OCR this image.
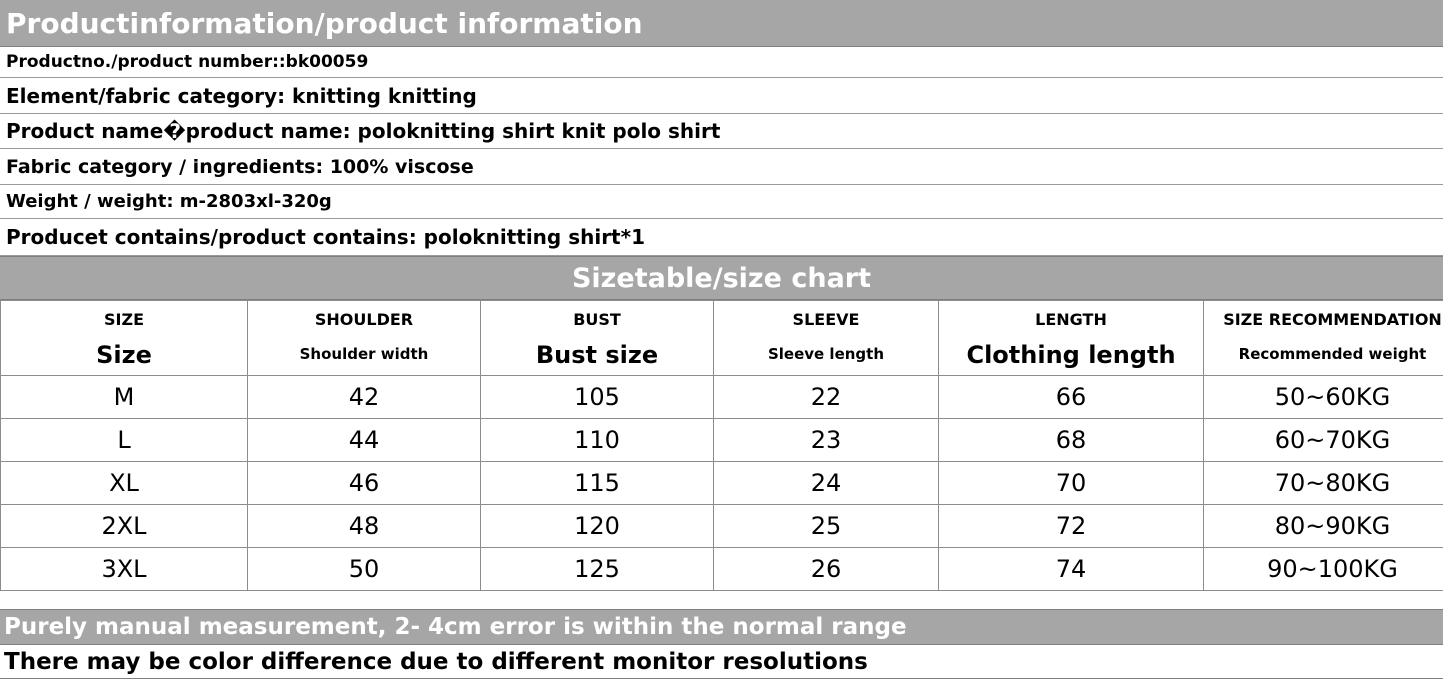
Productinformation/product information
Productno./product number::bk00059
Element/fabric category: knitting knitting
Product name�product name: poloknitting shirt knit polo shirt
Fabric category / ingredients: 100% viscose
Weight / weight: m-2803xl-320g
Producet contains/product contains: poloknitting shirt*1
Sizetable/size chart
SIZE	SHOULDER	BUST	SLEEVE	LENGTH	SIZE RECOMMENDATION
Size	Shoulder width	Bust size	Sleeve length	Clothing length	Recommended weight
M	42	105	22	66	50~60KG
L	44	110	23	68	60~70KG
XL	46	115	24	70	70~80KG
2XL	48	120	25	72	80~90KG
3XL	50	125	26	74	90~100KG
Purely manual measurement, 2- 4cm error is within the normal range
There may be color difference due to different monitor resolutions
